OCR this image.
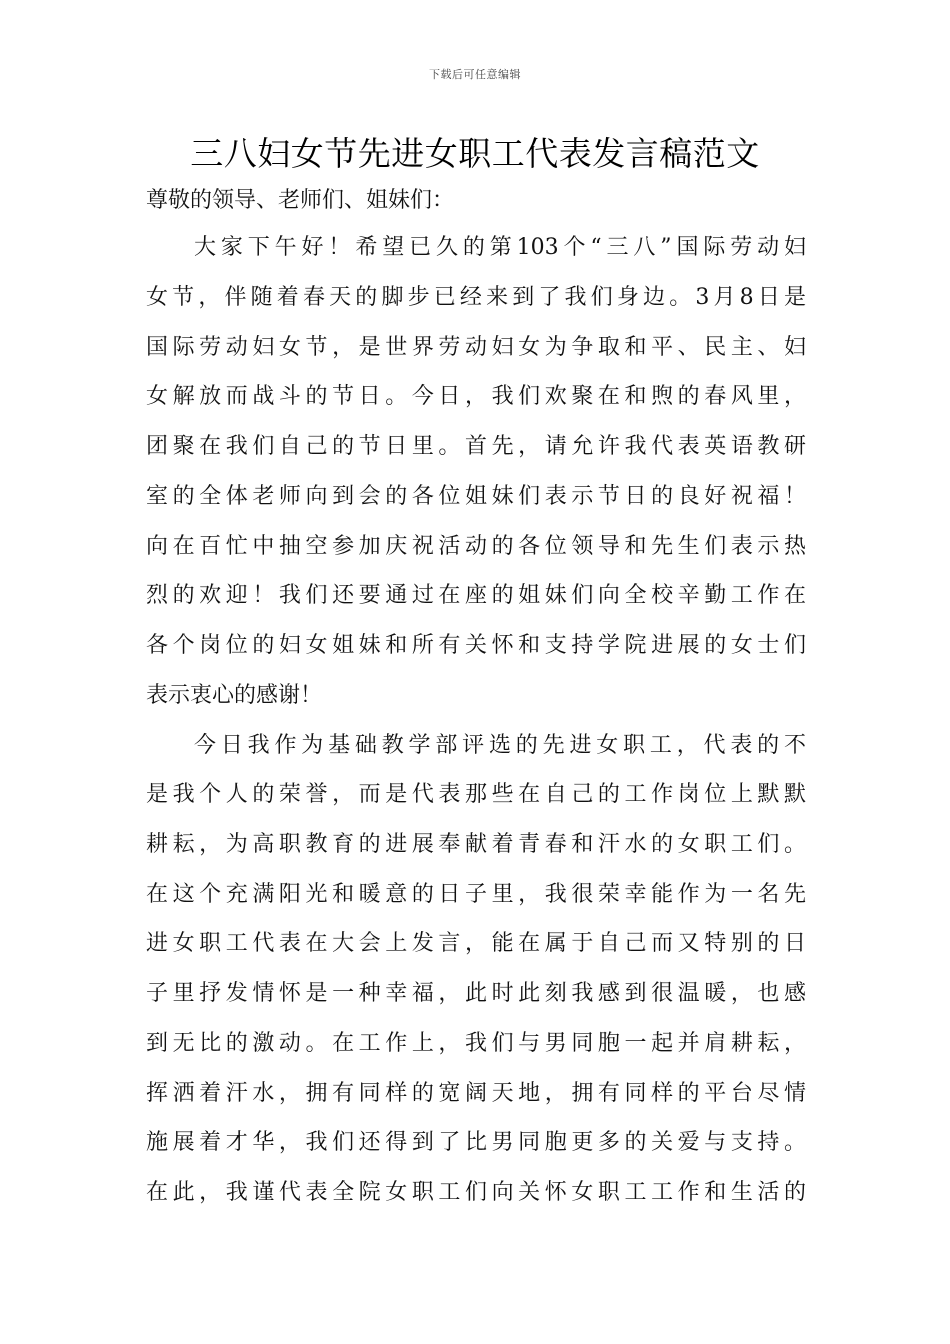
下载后可任意编辑
三八妇女节先进女职工代表发言稿范文
尊敬的领导、老师们、姐妹们：
大家下午好！希望已久的第103个“三八”国际劳动妇
女节，伴随着春天的脚步已经来到了我们身边。3月8日是
国际劳动妇女节，是世界劳动妇女为争取和平、民主、妇
女解放而战斗的节日。今日，我们欢聚在和煦的春风里，
团聚在我们自己的节日里。首先，请允许我代表英语教研
室的全体老师向到会的各位姐妹们表示节日的良好祝福！
向在百忙中抽空参加庆祝活动的各位领导和先生们表示热
烈的欢迎！我们还要通过在座的姐妹们向全校辛勤工作在
各个岗位的妇女姐妹和所有关怀和支持学院进展的女士们
表示衷心的感谢！
今日我作为基础教学部评选的先进女职工，代表的不
是我个人的荣誉，而是代表那些在自己的工作岗位上默默
耕耘，为高职教育的进展奉献着青春和汗水的女职工们。
在这个充满阳光和暖意的日子里，我很荣幸能作为一名先
进女职工代表在大会上发言，能在属于自己而又特别的日
子里抒发情怀是一种幸福，此时此刻我感到很温暖，也感
到无比的激动。在工作上，我们与男同胞一起并肩耕耘，
挥洒着汗水，拥有同样的宽阔天地，拥有同样的平台尽情
施展着才华，我们还得到了比男同胞更多的关爱与支持。
在此，我谨代表全院女职工们向关怀女职工工作和生活的
